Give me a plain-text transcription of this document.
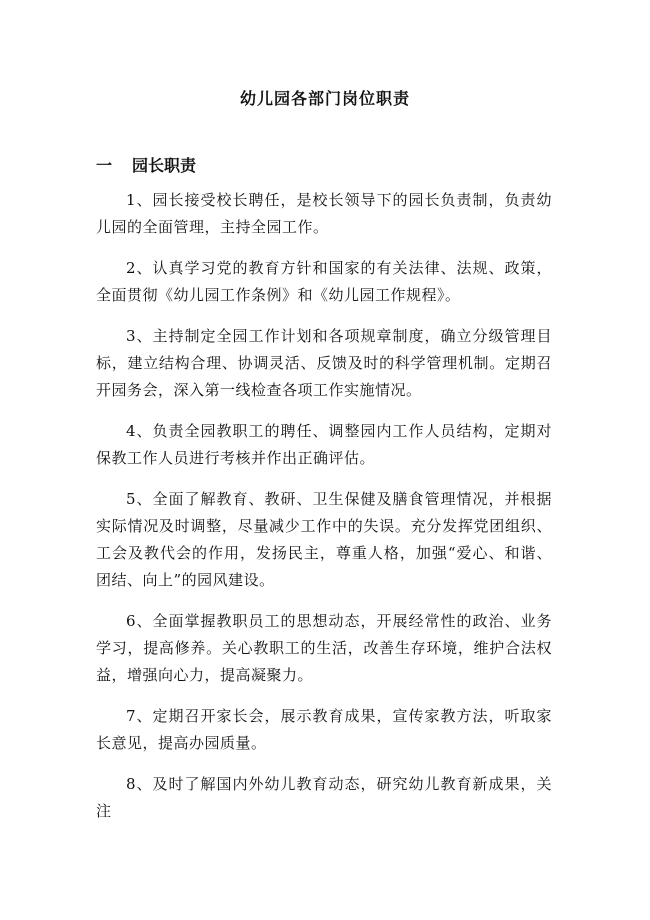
幼儿园各部门岗位职责
一 园长职责

1、园长接受校长聘任，是校长领导下的园长负责制，负责幼儿园的全面管理，主持全园工作。

2、认真学习党的教育方针和国家的有关法律、法规、政策，全面贯彻《幼儿园工作条例》和《幼儿园工作规程》。

3、主持制定全园工作计划和各项规章制度，确立分级管理目标，建立结构合理、协调灵活、反馈及时的科学管理机制。定期召开园务会，深入第一线检查各项工作实施情况。

4、负责全园教职工的聘任、调整园内工作人员结构，定期对保教工作人员进行考核并作出正确评估。

5、全面了解教育、教研、卫生保健及膳食管理情况，并根据实际情况及时调整，尽量减少工作中的失误。充分发挥党团组织、工会及教代会的作用，发扬民主，尊重人格，加强“爱心、和谐、团结、向上”的园风建设。

6、全面掌握教职员工的思想动态，开展经常性的政治、业务学习，提高修养。关心教职工的生活，改善生存环境，维护合法权益，增强向心力，提高凝聚力。

7、定期召开家长会，展示教育成果，宣传家教方法，听取家长意见，提高办园质量。

8、及时了解国内外幼儿教育动态，研究幼儿教育新成果，关注
